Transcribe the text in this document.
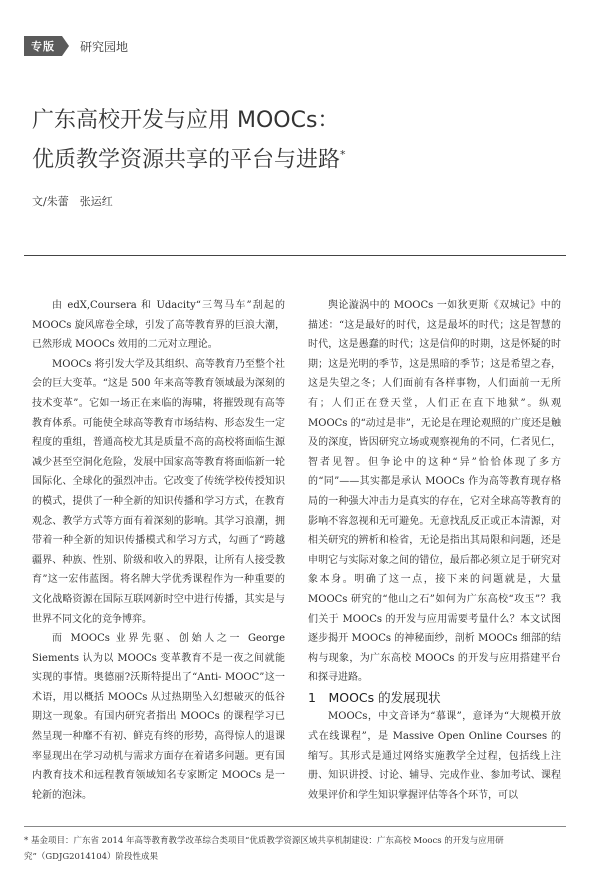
专版	研究园地
广东高校开发与应用 MOOCs：
优质教学资源共享的平台与进路*
文/朱蕾　张运红

由 edX,Coursera 和 Udacity“三驾马车”刮起的 MOOCs 旋风席卷全球，引发了高等教育界的巨浪大潮，已然形成 MOOCs 效用的二元对立理论。

MOOCs 将引发大学及其组织、高等教育乃至整个社会的巨大变革。“这是 500 年来高等教育领域最为深刻的技术变革”。它如一场正在来临的海啸，将摧毁现有高等教育体系。可能使全球高等教育市场结构、形态发生一定程度的重组，普通高校尤其是质量不高的高校将面临生源减少甚至空洞化危险，发展中国家高等教育将面临新一轮国际化、全球化的强烈冲击。它改变了传统学校传授知识的模式，提供了一种全新的知识传播和学习方式，在教育观念、教学方式等方面有着深刻的影响。其学习浪潮，拥带着一种全新的知识传播模式和学习方式，勾画了“跨越疆界、种族、性别、阶级和收入的界限，让所有人接受教育”这一宏伟蓝图。将名牌大学优秀课程作为一种重要的文化战略资源在国际互联网新时空中进行传播，其实是与世界不同文化的竞争博弈。

而 MOOCs 业界先驱、创始人之一 George Siements 认为以 MOOCs 变革教育不是一夜之间就能实现的事情。奥德丽?沃斯特提出了“Anti- MOOC”这一术语，用以概括 MOOCs 从过热期坠入幻想破灭的低谷期这一现象。有国内研究者指出 MOOCs 的课程学习已然呈现一种靡不有初、鲜克有终的形势，高得惊人的退课率显现出在学习动机与需求方面存在着诸多问题。更有国内教育技术和远程教育领域知名专家断定 MOOCs 是一轮新的泡沫。

舆论漩涡中的 MOOCs 一如狄更斯《双城记》中的描述：“这是最好的时代，这是最坏的时代；这是智慧的时代，这是愚蠢的时代；这是信仰的时期，这是怀疑的时期；这是光明的季节，这是黑暗的季节；这是希望之春，这是失望之冬；人们面前有各样事物，人们面前一无所有；人们正在登天堂，人们正在直下地狱”。纵观 MOOCs 的“动过是非”，无论是在理论观照的广度还是触及的深度，皆因研究立场或观察视角的不同，仁者见仁，智者见智。但争论中的这种“异”恰恰体现了多方的“同”——其实都是承认 MOOCs 作为高等教育现存格局的一种强大冲击力是真实的存在，它对全球高等教育的影响不容忽视和无可避免。无意找乱反正或正本清源，对相关研究的辨析和检省，无论是指出其局限和问题，还是申明它与实际对象之间的错位，最后都必须立足于研究对象本身。明确了这一点，接下来的问题就是，大量 MOOCs 研究的“他山之石”如何为广东高校“攻玉”？我们关于 MOOCs 的开发与应用需要考量什么？本文试图逐步揭开 MOOCs 的神秘面纱，剖析 MOOCs 细部的结构与现象，为广东高校 MOOCs 的开发与应用搭建平台和探寻进路。

1　MOOCs 的发展现状

MOOCs，中文音译为“慕课”，意译为“大规模开放式在线课程”，是 Massive Open Online Courses 的缩写。其形式是通过网络实施教学全过程，包括线上注册、知识讲授、讨论、辅导、完成作业、参加考试、课程效果评价和学生知识掌握评估等各个环节，可以

* 基金项目：广东省 2014 年高等教育教学改革综合类项目“优质教学资源区域共享机制建设：广东高校 Moocs 的开发与应用研究”（GDJG2014104）阶段性成果
